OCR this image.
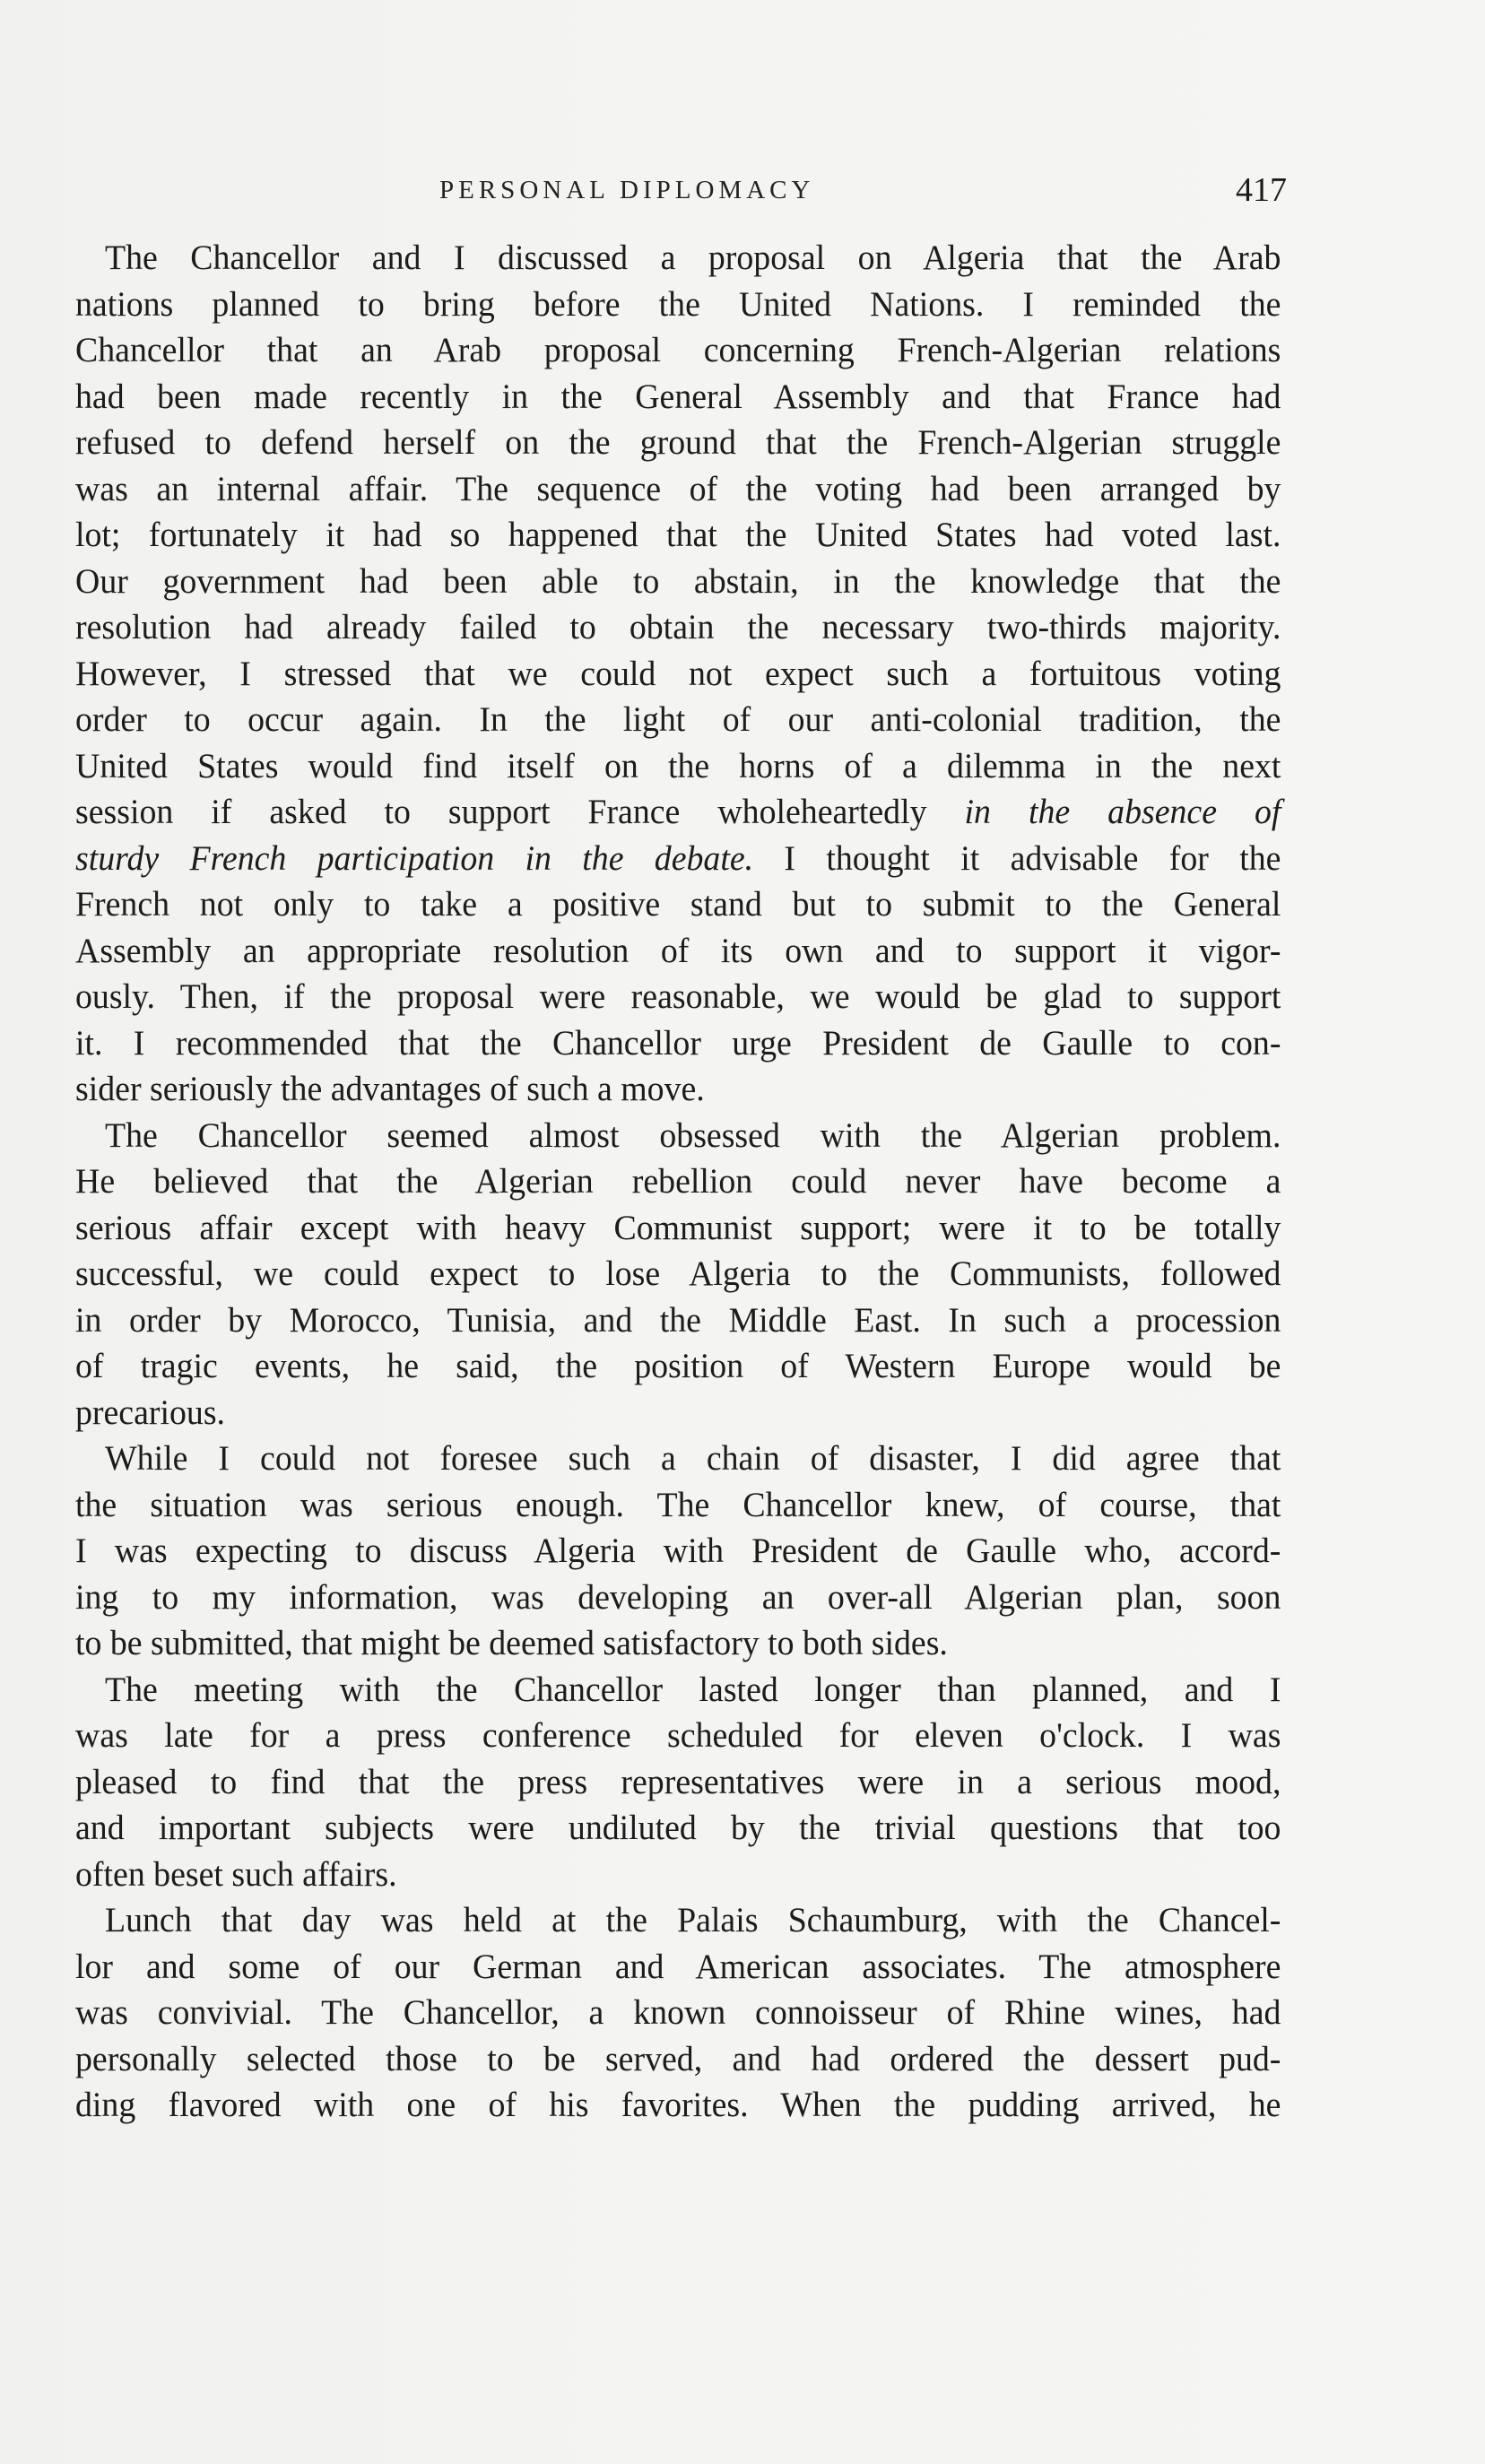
PERSONAL DIPLOMACY	417
The Chancellor and I discussed a proposal on Algeria that the Arab
nations planned to bring before the United Nations. I reminded the
Chancellor that an Arab proposal concerning French-Algerian relations
had been made recently in the General Assembly and that France had
refused to defend herself on the ground that the French-Algerian struggle
was an internal affair. The sequence of the voting had been arranged by
lot; fortunately it had so happened that the United States had voted last.
Our government had been able to abstain, in the knowledge that the
resolution had already failed to obtain the necessary two-thirds majority.
However, I stressed that we could not expect such a fortuitous voting
order to occur again. In the light of our anti-colonial tradition, the
United States would find itself on the horns of a dilemma in the next
session if asked to support France wholeheartedly in the absence of
sturdy French participation in the debate. I thought it advisable for the
French not only to take a positive stand but to submit to the General
Assembly an appropriate resolution of its own and to support it vigor-
ously. Then, if the proposal were reasonable, we would be glad to support
it. I recommended that the Chancellor urge President de Gaulle to con-
sider seriously the advantages of such a move.
The Chancellor seemed almost obsessed with the Algerian problem.
He believed that the Algerian rebellion could never have become a
serious affair except with heavy Communist support; were it to be totally
successful, we could expect to lose Algeria to the Communists, followed
in order by Morocco, Tunisia, and the Middle East. In such a procession
of tragic events, he said, the position of Western Europe would be
precarious.
While I could not foresee such a chain of disaster, I did agree that
the situation was serious enough. The Chancellor knew, of course, that
I was expecting to discuss Algeria with President de Gaulle who, accord-
ing to my information, was developing an over-all Algerian plan, soon
to be submitted, that might be deemed satisfactory to both sides.
The meeting with the Chancellor lasted longer than planned, and I
was late for a press conference scheduled for eleven o'clock. I was
pleased to find that the press representatives were in a serious mood,
and important subjects were undiluted by the trivial questions that too
often beset such affairs.
Lunch that day was held at the Palais Schaumburg, with the Chancel-
lor and some of our German and American associates. The atmosphere
was convivial. The Chancellor, a known connoisseur of Rhine wines, had
personally selected those to be served, and had ordered the dessert pud-
ding flavored with one of his favorites. When the pudding arrived, he
